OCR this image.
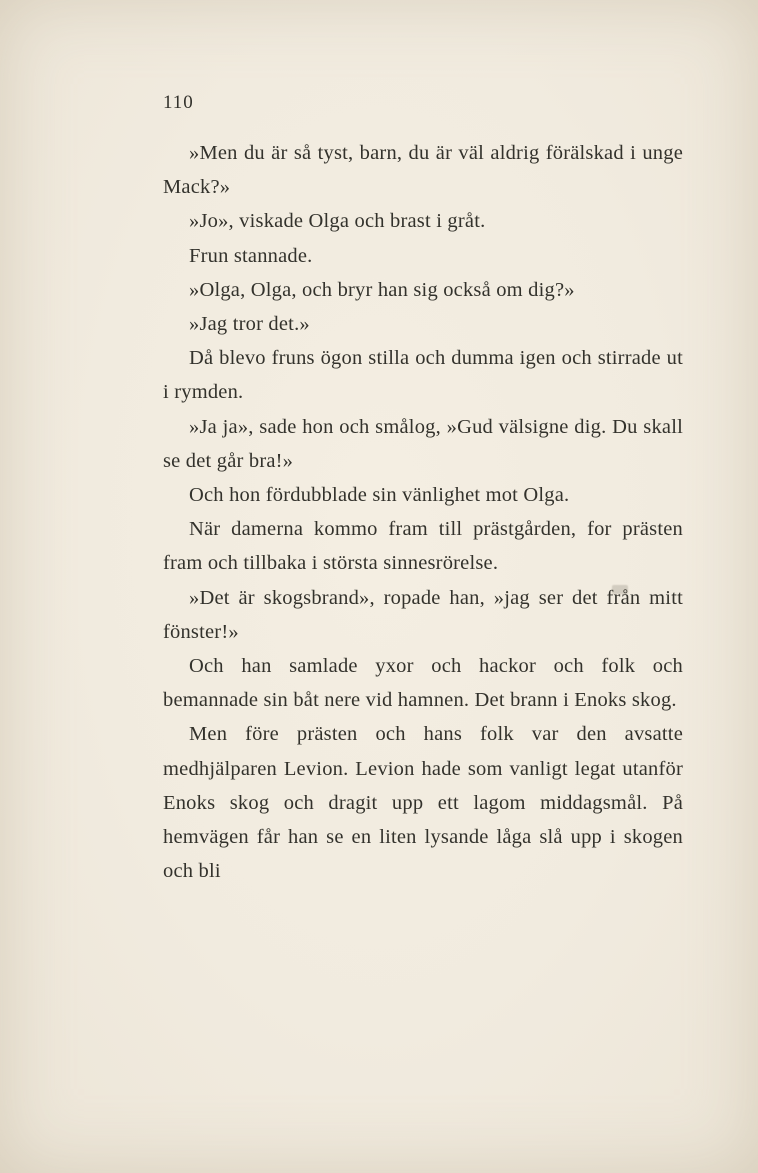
110

»Men du är så tyst, barn, du är väl aldrig förälskad i unge Mack?»

»Jo», viskade Olga och brast i gråt.

Frun stannade.

»Olga, Olga, och bryr han sig också om dig?»

»Jag tror det.»

Då blevo fruns ögon stilla och dumma igen och stirrade ut i rymden.

»Ja ja», sade hon och smålog, »Gud välsigne dig. Du skall se det går bra!»

Och hon fördubblade sin vänlighet mot Olga.

När damerna kommo fram till prästgården, for prästen fram och tillbaka i största sinnesrörelse.

»Det är skogsbrand», ropade han, »jag ser det från mitt fönster!»

Och han samlade yxor och hackor och folk och bemannade sin båt nere vid hamnen. Det brann i Enoks skog.

Men före prästen och hans folk var den avsatte medhjälparen Levion. Levion hade som vanligt legat utanför Enoks skog och dragit upp ett lagom middagsmål. På hemvägen får han se en liten lysande låga slå upp i skogen och bli
